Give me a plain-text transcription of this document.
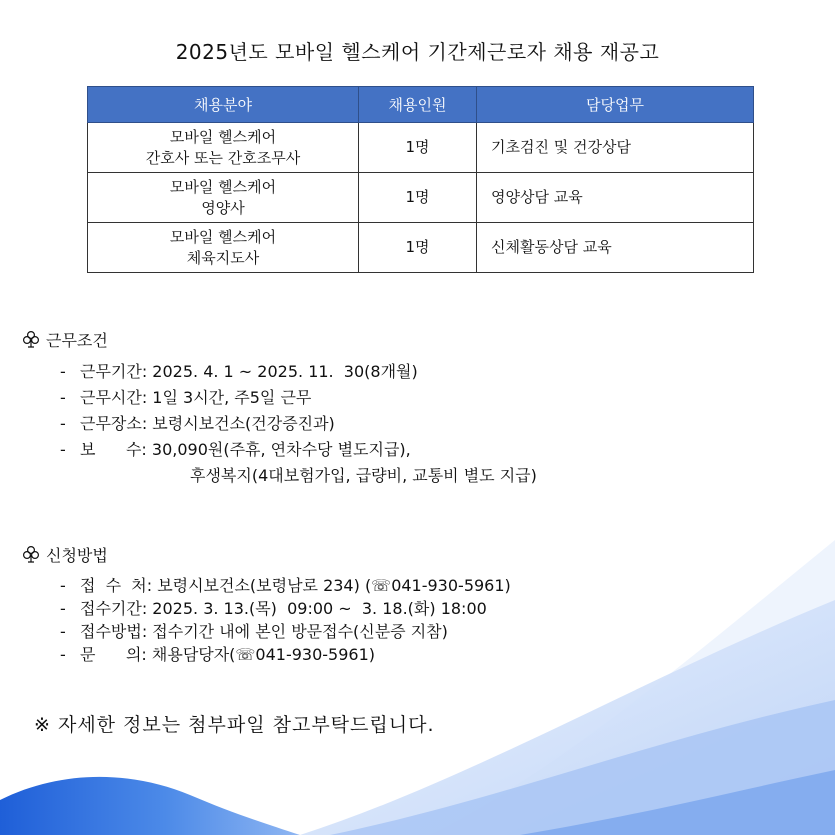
2025년도 모바일 헬스케어 기간제근로자 채용 재공고
채용분야	채용인원	담당업무

모바일 헬스케어
간호사 또는 간호조무사	1명	기초검진 및 건강상담

모바일 헬스케어
영양사	1명	영양상담 교육

모바일 헬스케어
체육지도사	1명	신체활동상담 교육
근무조건
- 근무기간: 2025. 4. 1 ~ 2025. 11.  30(8개월)
- 근무시간: 1일 3시간, 주5일 근무
- 근무장소: 보령시보건소(건강증진과)
- 보      수: 30,090원(주휴, 연차수당 별도지급),
후생복지(4대보험가입, 급량비, 교통비 별도 지급)
신청방법
- 접  수  처: 보령시보건소(보령남로 234) (☏041-930-5961)
- 접수기간: 2025. 3. 13.(목)  09:00 ~  3. 18.(화) 18:00
- 접수방법: 접수기간 내에 본인 방문접수(신분증 지참)
- 문      의: 채용담당자(☏041-930-5961)
※ 자세한 정보는 첨부파일 참고부탁드립니다.
